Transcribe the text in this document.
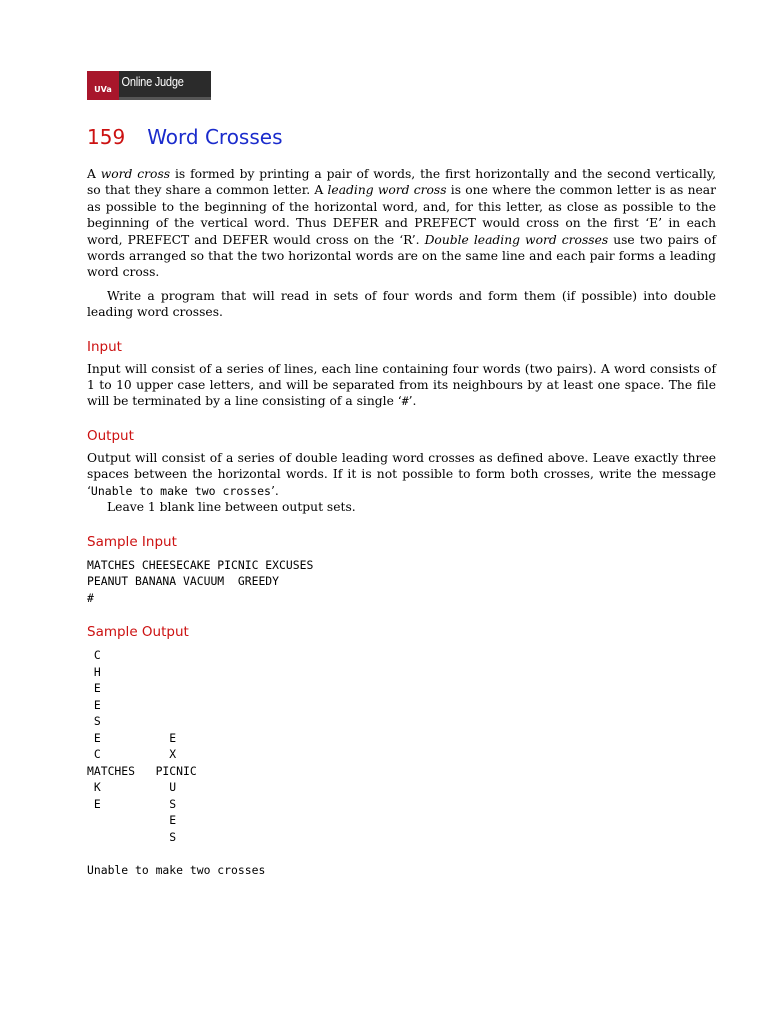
UVa
Online Judge
159 Word Crosses

A word cross is formed by printing a pair of words, the first horizontally and the second vertically, so that they share a common letter. A leading word cross is one where the common letter is as near as possible to the beginning of the horizontal word, and, for this letter, as close as possible to the beginning of the vertical word. Thus DEFER and PREFECT would cross on the first ‘E’ in each word, PREFECT and DEFER would cross on the ‘R’. Double leading word crosses use two pairs of words arranged so that the two horizontal words are on the same line and each pair forms a leading word cross.

Write a program that will read in sets of four words and form them (if possible) into double leading word crosses.

Input

Input will consist of a series of lines, each line containing four words (two pairs). A word consists of 1 to 10 upper case letters, and will be separated from its neighbours by at least one space. The file will be terminated by a line consisting of a single ‘#’.

Output

Output will consist of a series of double leading word crosses as defined above. Leave exactly three spaces between the horizontal words. If it is not possible to form both crosses, write the message ‘Unable to make two crosses’.

Leave 1 blank line between output sets.

Sample Input
MATCHES CHEESECAKE PICNIC EXCUSES
PEANUT BANANA VACUUM  GREEDY
#
Sample Output
C
H
E
E
S
E          E
C          X
MATCHES   PICNIC
K          U
E          S
E
S

Unable to make two crosses
